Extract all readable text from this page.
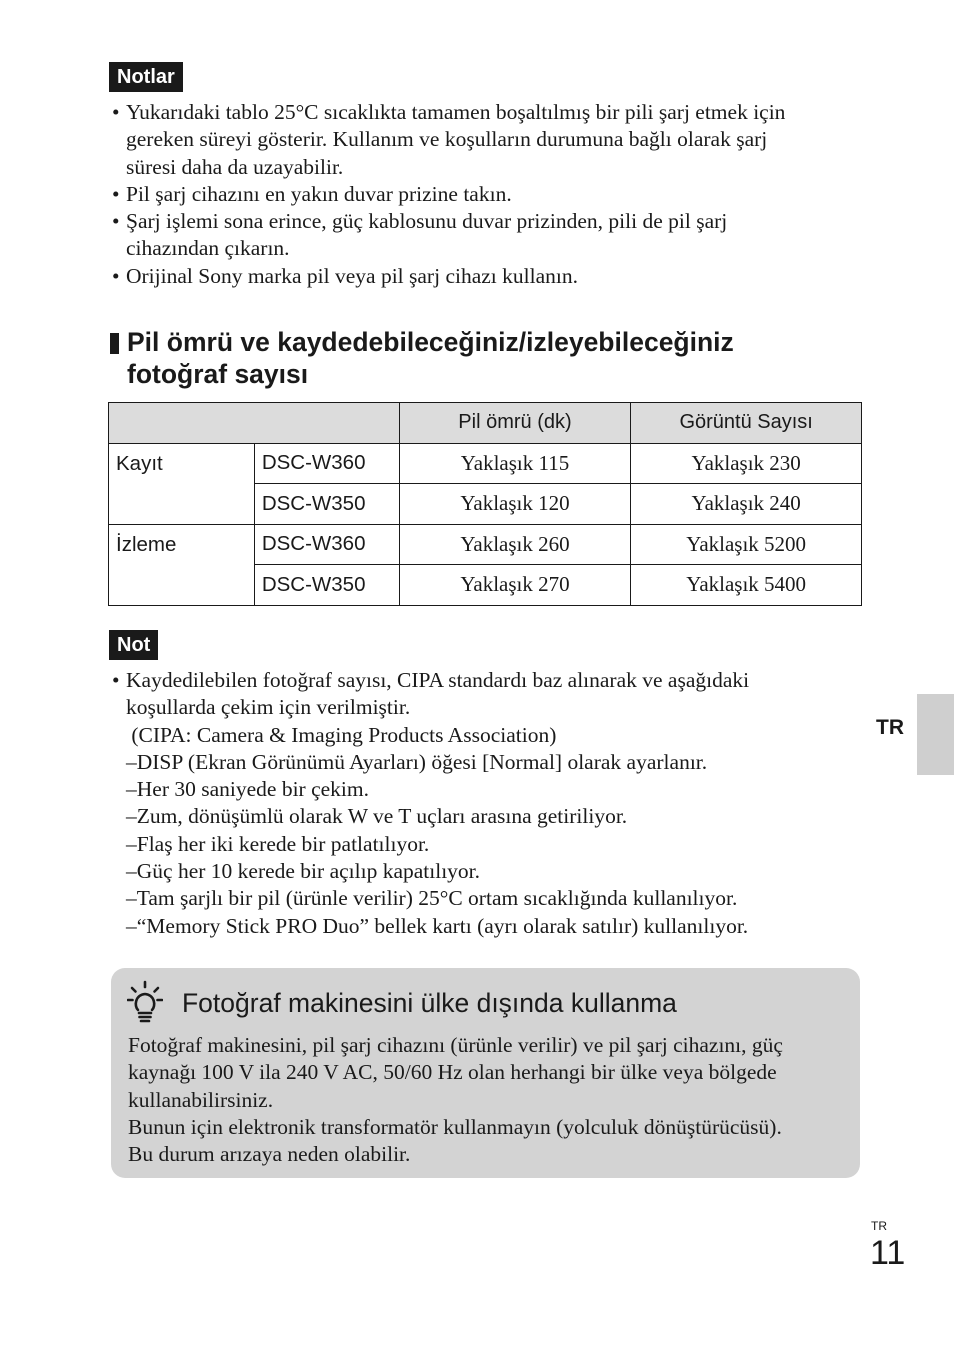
Notlar
• Yukarıdaki tablo 25°C sıcaklıkta tamamen boşaltılmış bir pili şarj etmek için
gereken süreyi gösterir. Kullanım ve koşulların durumuna bağlı olarak şarj
süresi daha da uzayabilir.
• Pil şarj cihazını en yakın duvar prizine takın.
• Şarj işlemi sona erince, güç kablosunu duvar prizinden, pili de pil şarj
cihazından çıkarın.
• Orijinal Sony marka pil veya pil şarj cihazı kullanın.
Pil ömrü ve kaydedebileceğiniz/izleyebileceğiniz
fotoğraf sayısı
		Pil ömrü (dk)	Görüntü Sayısı
Kayıt	DSC-W360	Yaklaşık 115	Yaklaşık 230
	DSC-W350	Yaklaşık 120	Yaklaşık 240
İzleme	DSC-W360	Yaklaşık 260	Yaklaşık 5200
	DSC-W350	Yaklaşık 270	Yaklaşık 5400
Not
• Kaydedilebilen fotoğraf sayısı, CIPA standardı baz alınarak ve aşağıdaki
koşullarda çekim için verilmiştir.
(CIPA: Camera & Imaging Products Association)
–DISP (Ekran Görünümü Ayarları) öğesi [Normal] olarak ayarlanır.
–Her 30 saniyede bir çekim.
–Zum, dönüşümlü olarak W ve T uçları arasına getiriliyor.
–Flaş her iki kerede bir patlatılıyor.
–Güç her 10 kerede bir açılıp kapatılıyor.
–Tam şarjlı bir pil (ürünle verilir) 25°C ortam sıcaklığında kullanılıyor.
–“Memory Stick PRO Duo” bellek kartı (ayrı olarak satılır) kullanılıyor.
TR
Fotoğraf makinesini ülke dışında kullanma
Fotoğraf makinesini, pil şarj cihazını (ürünle verilir) ve pil şarj cihazını, güç
kaynağı 100 V ila 240 V AC, 50/60 Hz olan herhangi bir ülke veya bölgede
kullanabilirsiniz.
Bunun için elektronik transformatör kullanmayın (yolculuk dönüştürücüsü).
Bu durum arızaya neden olabilir.
TR
11
